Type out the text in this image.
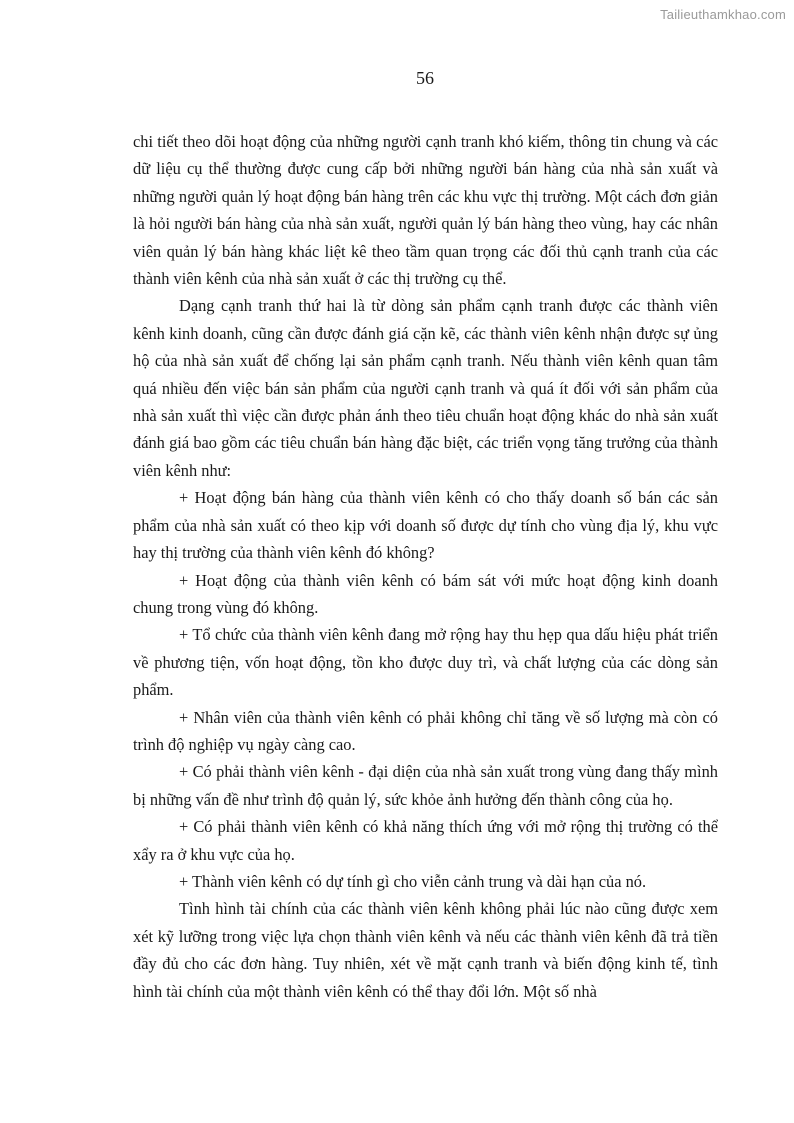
Tailieuthamkhao.com
56

chi tiết theo dõi hoạt động của những người cạnh tranh khó kiếm, thông tin chung và các dữ liệu cụ thể thường được cung cấp bởi những người bán hàng của nhà sản xuất và những người quản lý hoạt động bán hàng trên các khu vực thị trường. Một cách đơn giản là hỏi người bán hàng của nhà sản xuất, người quản lý bán hàng theo vùng, hay các nhân viên quản lý bán hàng khác liệt kê theo tầm quan trọng các đối thủ cạnh tranh của các thành viên kênh của nhà sản xuất ở các thị trường cụ thể.

Dạng cạnh tranh thứ hai là từ dòng sản phẩm cạnh tranh được các thành viên kênh kinh doanh, cũng cần được đánh giá cặn kẽ, các thành viên kênh nhận được sự ủng hộ của nhà sản xuất để chống lại sản phẩm cạnh tranh. Nếu thành viên kênh quan tâm quá nhiều đến việc bán sản phẩm của người cạnh tranh và quá ít đối với sản phẩm của nhà sản xuất thì việc cần được phản ánh theo tiêu chuẩn hoạt động khác do nhà sản xuất đánh giá bao gồm các tiêu chuẩn bán hàng đặc biệt, các triển vọng tăng trưởng của thành viên kênh như:

+ Hoạt động bán hàng của thành viên kênh có cho thấy doanh số bán các sản phẩm của nhà sản xuất có theo kịp với doanh số được dự tính cho vùng địa lý, khu vực hay thị trường của thành viên kênh đó không?

+ Hoạt động của thành viên kênh có bám sát với mức hoạt động kinh doanh chung trong vùng đó không.

+ Tổ chức của thành viên kênh đang mở rộng hay thu hẹp qua dấu hiệu phát triển về phương tiện, vốn hoạt động, tồn kho được duy trì, và chất lượng của các dòng sản phẩm.

+ Nhân viên của thành viên kênh có phải không chỉ tăng về số lượng mà còn có trình độ nghiệp vụ ngày càng cao.

+ Có phải thành viên kênh - đại diện của nhà sản xuất trong vùng đang thấy mình bị những vấn đề như trình độ quản lý, sức khỏe ảnh hưởng đến thành công của họ.

+ Có phải thành viên kênh có khả năng thích ứng với mở rộng thị trường có thể xẩy ra ở khu vực của họ.

+ Thành viên kênh có dự tính gì cho viễn cảnh trung và dài hạn của nó.

Tình hình tài chính của các thành viên kênh không phải lúc nào cũng được xem xét kỹ lưỡng trong việc lựa chọn thành viên kênh và nếu các thành viên kênh đã trả tiền đầy đủ cho các đơn hàng. Tuy nhiên, xét về mặt cạnh tranh và biến động kinh tế, tình hình tài chính của một thành viên kênh có thể thay đổi lớn. Một số nhà
